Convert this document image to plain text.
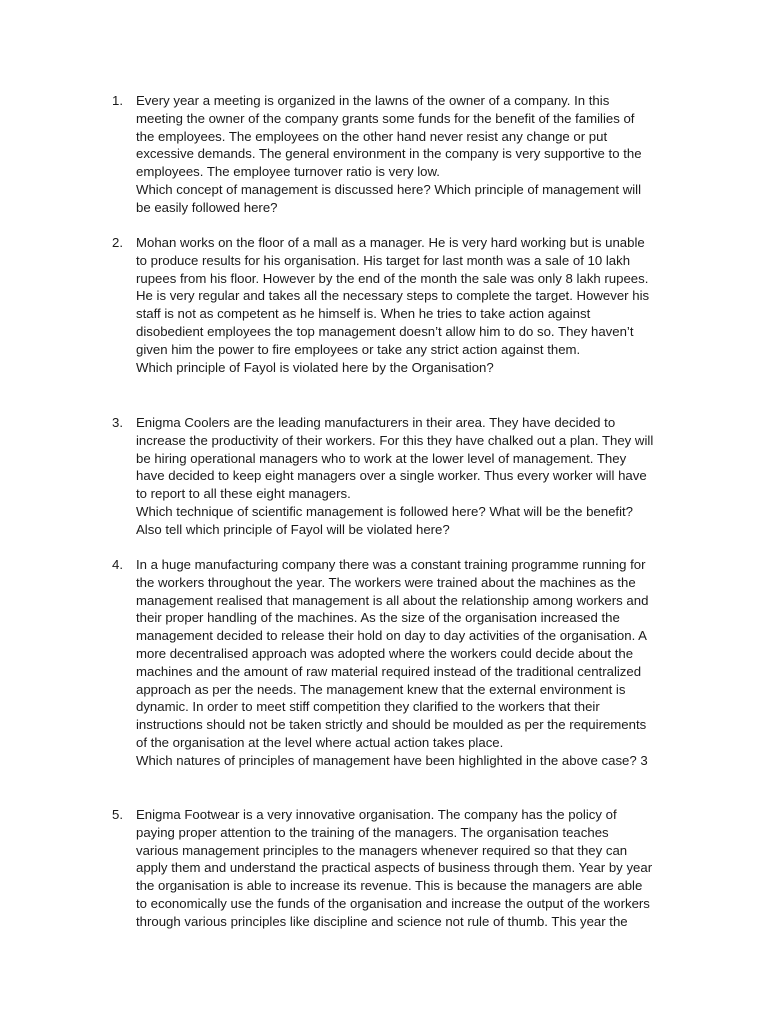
1. Every year a meeting is organized in the lawns of the owner of a company. In this
meeting the owner of the company grants some funds for the benefit of the families of
the employees. The employees on the other hand never resist any change or put
excessive demands. The general environment in the company is very supportive to the
employees. The employee turnover ratio is very low.
Which concept of management is discussed here? Which principle of management will
be easily followed here?
2. Mohan works on the floor of a mall as a manager. He is very hard working but is unable
to produce results for his organisation. His target for last month was a sale of 10 lakh
rupees from his floor. However by the end of the month the sale was only 8 lakh rupees.
He is very regular and takes all the necessary steps to complete the target. However his
staff is not as competent as he himself is. When he tries to take action against
disobedient employees the top management doesn’t allow him to do so. They haven’t
given him the power to fire employees or take any strict action against them.
Which principle of Fayol is violated here by the Organisation?
3. Enigma Coolers are the leading manufacturers in their area. They have decided to
increase the productivity of their workers. For this they have chalked out a plan. They will
be hiring operational managers who to work at the lower level of management. They
have decided to keep eight managers over a single worker. Thus every worker will have
to report to all these eight managers.
Which technique of scientific management is followed here? What will be the benefit?
Also tell which principle of Fayol will be violated here?
4. In a huge manufacturing company there was a constant training programme running for
the workers throughout the year. The workers were trained about the machines as the
management realised that management is all about the relationship among workers and
their proper handling of the machines. As the size of the organisation increased the
management decided to release their hold on day to day activities of the organisation. A
more decentralised approach was adopted where the workers could decide about the
machines and the amount of raw material required instead of the traditional centralized
approach as per the needs. The management knew that the external environment is
dynamic. In order to meet stiff competition they clarified to the workers that their
instructions should not be taken strictly and should be moulded as per the requirements
of the organisation at the level where actual action takes place.
Which natures of principles of management have been highlighted in the above case? 3
5. Enigma Footwear is a very innovative organisation. The company has the policy of
paying proper attention to the training of the managers. The organisation teaches
various management principles to the managers whenever required so that they can
apply them and understand the practical aspects of business through them. Year by year
the organisation is able to increase its revenue. This is because the managers are able
to economically use the funds of the organisation and increase the output of the workers
through various principles like discipline and science not rule of thumb. This year the
